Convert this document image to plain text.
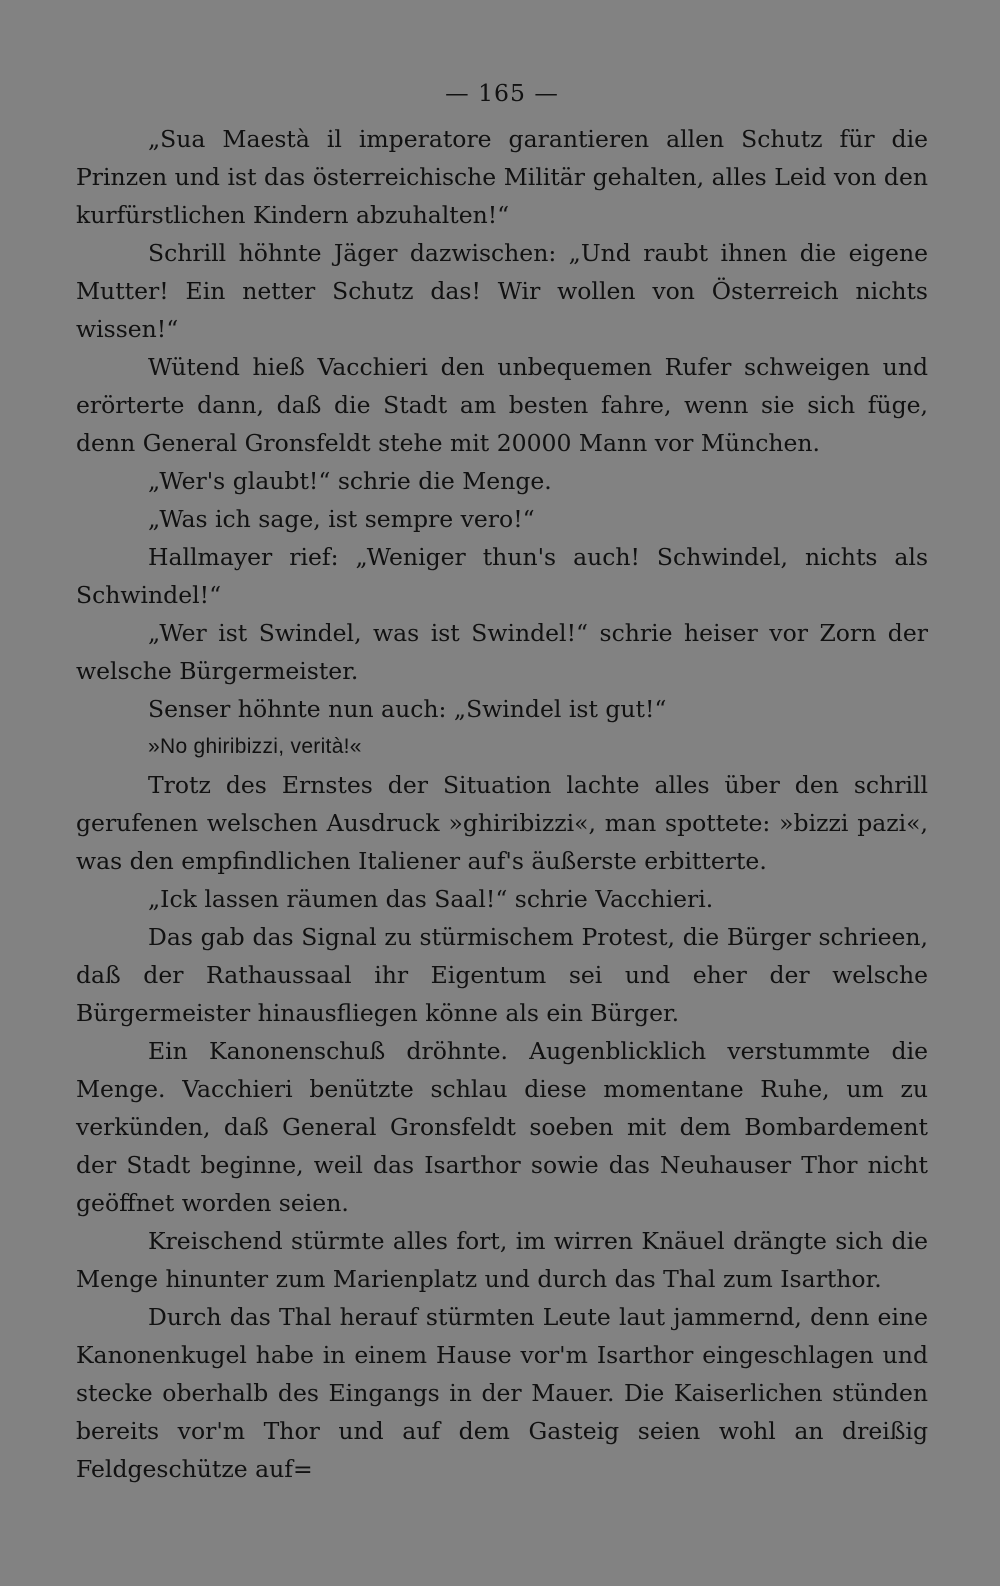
— 165 —

„Sua Maestà il imperatore garantieren allen Schutz für die Prinzen und ist das österreichische Militär gehalten, alles Leid von den kurfürstlichen Kindern abzuhalten!“

Schrill höhnte Jäger dazwischen: „Und raubt ihnen die eigene Mutter! Ein netter Schutz das! Wir wollen von Österreich nichts wissen!“

Wütend hieß Vacchieri den unbequemen Rufer schweigen und erörterte dann, daß die Stadt am besten fahre, wenn sie sich füge, denn General Gronsfeldt stehe mit 20000 Mann vor München.

„Wer's glaubt!“ schrie die Menge.

„Was ich sage, ist sempre vero!“

Hallmayer rief: „Weniger thun's auch! Schwindel, nichts als Schwindel!“

„Wer ist Swindel, was ist Swindel!“ schrie heiser vor Zorn der welsche Bürgermeister.

Senser höhnte nun auch: „Swindel ist gut!“

»No ghiribizzi, verità!«

Trotz des Ernstes der Situation lachte alles über den schrill gerufenen welschen Ausdruck »ghiribizzi«, man spottete: »bizzi pazi«, was den empfindlichen Italiener auf's äußerste erbitterte.

„Ick lassen räumen das Saal!“ schrie Vacchieri.

Das gab das Signal zu stürmischem Protest, die Bürger schrieen, daß der Rathaussaal ihr Eigentum sei und eher der welsche Bürgermeister hinausfliegen könne als ein Bürger.

Ein Kanonenschuß dröhnte. Augenblicklich verstummte die Menge. Vacchieri benützte schlau diese momentane Ruhe, um zu verkünden, daß General Gronsfeldt soeben mit dem Bombardement der Stadt beginne, weil das Isarthor sowie das Neuhauser Thor nicht geöffnet worden seien.

Kreischend stürmte alles fort, im wirren Knäuel drängte sich die Menge hinunter zum Marienplatz und durch das Thal zum Isarthor.

Durch das Thal herauf stürmten Leute laut jammernd, denn eine Kanonenkugel habe in einem Hause vor'm Isarthor eingeschlagen und stecke oberhalb des Eingangs in der Mauer. Die Kaiserlichen stünden bereits vor'm Thor und auf dem Gasteig seien wohl an dreißig Feldgeschütze auf=
